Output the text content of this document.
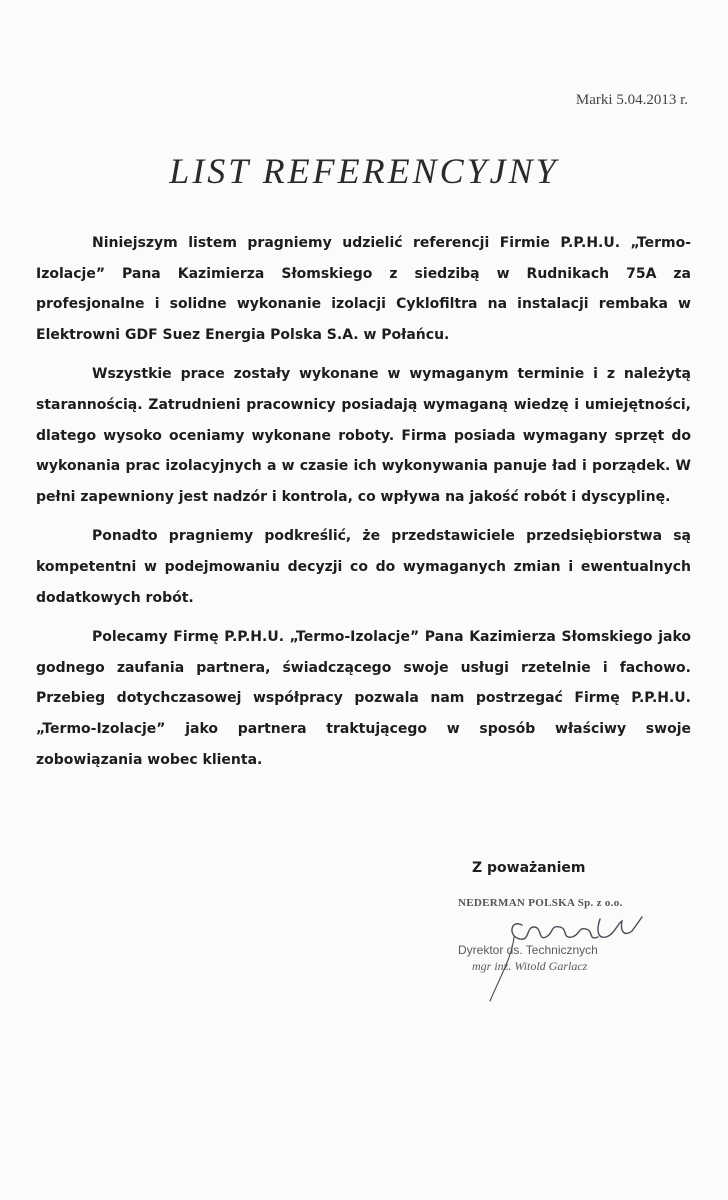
Marki 5.04.2013 r.
LIST REFERENCYJNY

Niniejszym listem pragniemy udzielić referencji Firmie P.P.H.U. „Termo-Izolacje” Pana Kazimierza Słomskiego z siedzibą w Rudnikach 75A za profesjonalne i solidne wykonanie izolacji Cyklofiltra na instalacji rembaka w Elektrowni GDF Suez Energia Polska S.A. w Połańcu.

Wszystkie prace zostały wykonane w wymaganym terminie i z należytą starannością. Zatrudnieni pracownicy posiadają wymaganą wiedzę i umiejętności, dlatego wysoko oceniamy wykonane roboty. Firma posiada wymagany sprzęt do wykonania prac izolacyjnych a w czasie ich wykonywania panuje ład i porządek. W pełni zapewniony jest nadzór i kontrola, co wpływa na jakość robót i dyscyplinę.

Ponadto pragniemy podkreślić, że przedstawiciele przedsiębiorstwa są kompetentni w podejmowaniu decyzji co do wymaganych zmian i ewentualnych dodatkowych robót.

Polecamy Firmę P.P.H.U. „Termo-Izolacje” Pana Kazimierza Słomskiego jako godnego zaufania partnera, świadczącego swoje usługi rzetelnie i fachowo. Przebieg dotychczasowej współpracy pozwala nam postrzegać Firmę P.P.H.U. „Termo-Izolacje” jako partnera traktującego w sposób właściwy swoje zobowiązania wobec klienta.

Z poważaniem
NEDERMAN POLSKA Sp. z o.o.
Dyrektor ds. Technicznych
mgr inż. Witold Garlacz
